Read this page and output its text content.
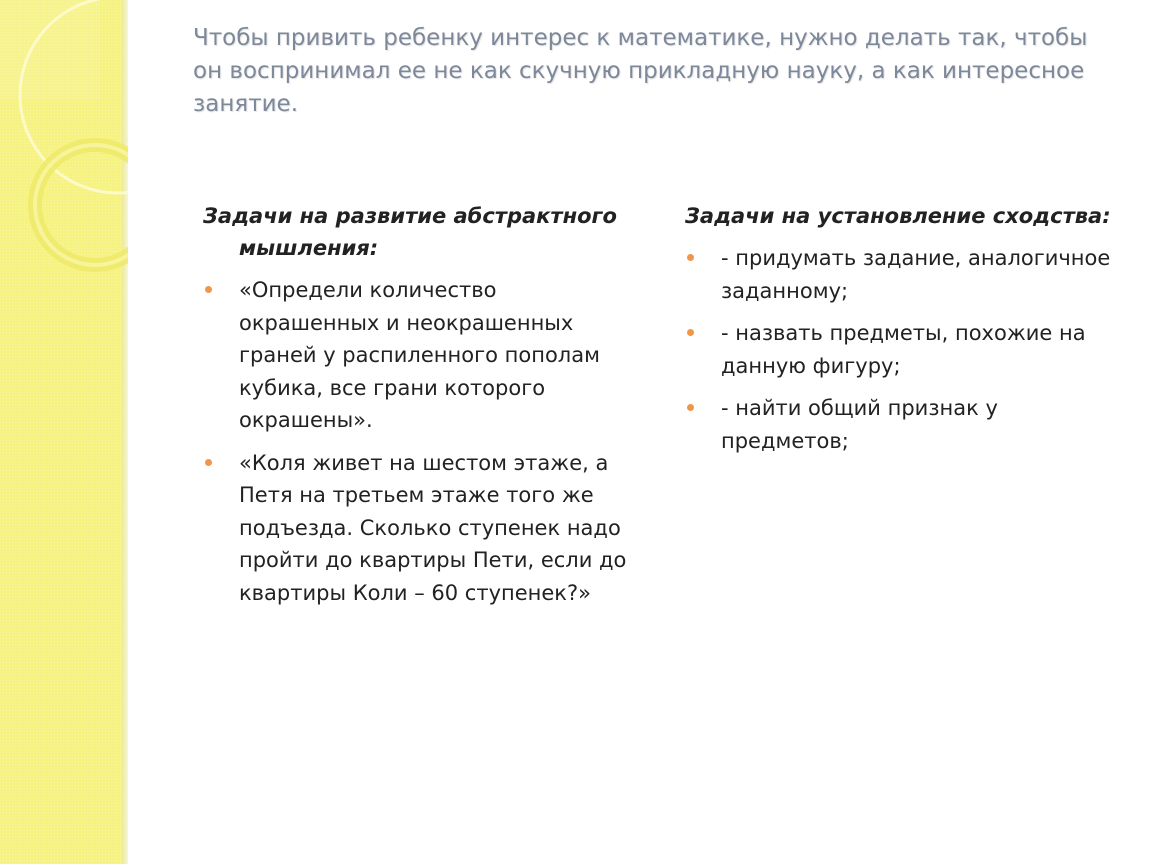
Чтобы привить ребенку интерес к математике, нужно делать так, чтобы он воспринимал ее не как скучную прикладную науку, а как интересное занятие.

Задачи на развитие абстрактного мышления:

«Определи количество окрашенных и неокрашенных граней у распиленного пополам кубика, все грани которого окрашены».
«Коля живет на шестом этаже, а Петя на третьем этаже того же подъезда. Сколько ступенек надо пройти до квартиры Пети, если до квартиры Коли – 60 ступенек?»

Задачи на установление сходства:

- придумать задание, аналогичное заданному;
- назвать предметы, похожие на данную фигуру;
- найти общий признак у предметов;
